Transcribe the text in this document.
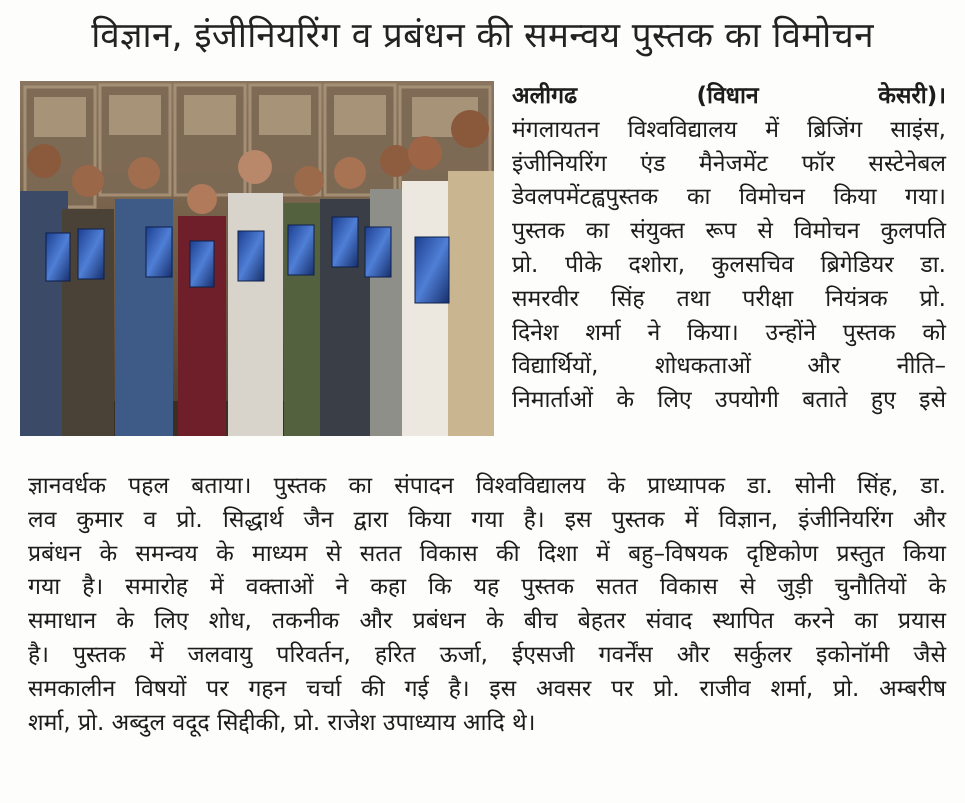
विज्ञान, इंजीनियरिंग व प्रबंधन की समन्वय पुस्तक का विमोचन
अलीगढ (विधान केसरी)।
मंगलायतन विश्वविद्यालय में ब्रिजिंग साइंस,
इंजीनियरिंग एंड मैनेजमेंट फॉर सस्टेनेबल
डेवलपमेंटह्वपुस्तक का विमोचन किया गया।
पुस्तक का संयुक्त रूप से विमोचन कुलपति
प्रो. पीके दशोरा, कुलसचिव ब्रिगेडियर डा.
समरवीर सिंह तथा परीक्षा नियंत्रक प्रो.
दिनेश शर्मा ने किया। उन्होंने पुस्तक को
विद्यार्थियों, शोधकताओं और नीति–
निमार्ताओं के लिए उपयोगी बताते हुए इसे
ज्ञानवर्धक पहल बताया। पुस्तक का संपादन विश्वविद्यालय के प्राध्यापक डा. सोनी सिंह, डा.
लव कुमार व प्रो. सिद्धार्थ जैन द्वारा किया गया है। इस पुस्तक में विज्ञान, इंजीनियरिंग और
प्रबंधन के समन्वय के माध्यम से सतत विकास की दिशा में बहु–विषयक दृष्टिकोण प्रस्तुत किया
गया है। समारोह में वक्ताओं ने कहा कि यह पुस्तक सतत विकास से जुड़ी चुनौतियों के
समाधान के लिए शोध, तकनीक और प्रबंधन के बीच बेहतर संवाद स्थापित करने का प्रयास
है। पुस्तक में जलवायु परिवर्तन, हरित ऊर्जा, ईएसजी गवर्नेंस और सर्कुलर इकोनॉमी जैसे
समकालीन विषयों पर गहन चर्चा की गई है। इस अवसर पर प्रो. राजीव शर्मा, प्रो. अम्बरीष
शर्मा, प्रो. अब्दुल वदूद सिद्दीकी, प्रो. राजेश उपाध्याय आदि थे।
